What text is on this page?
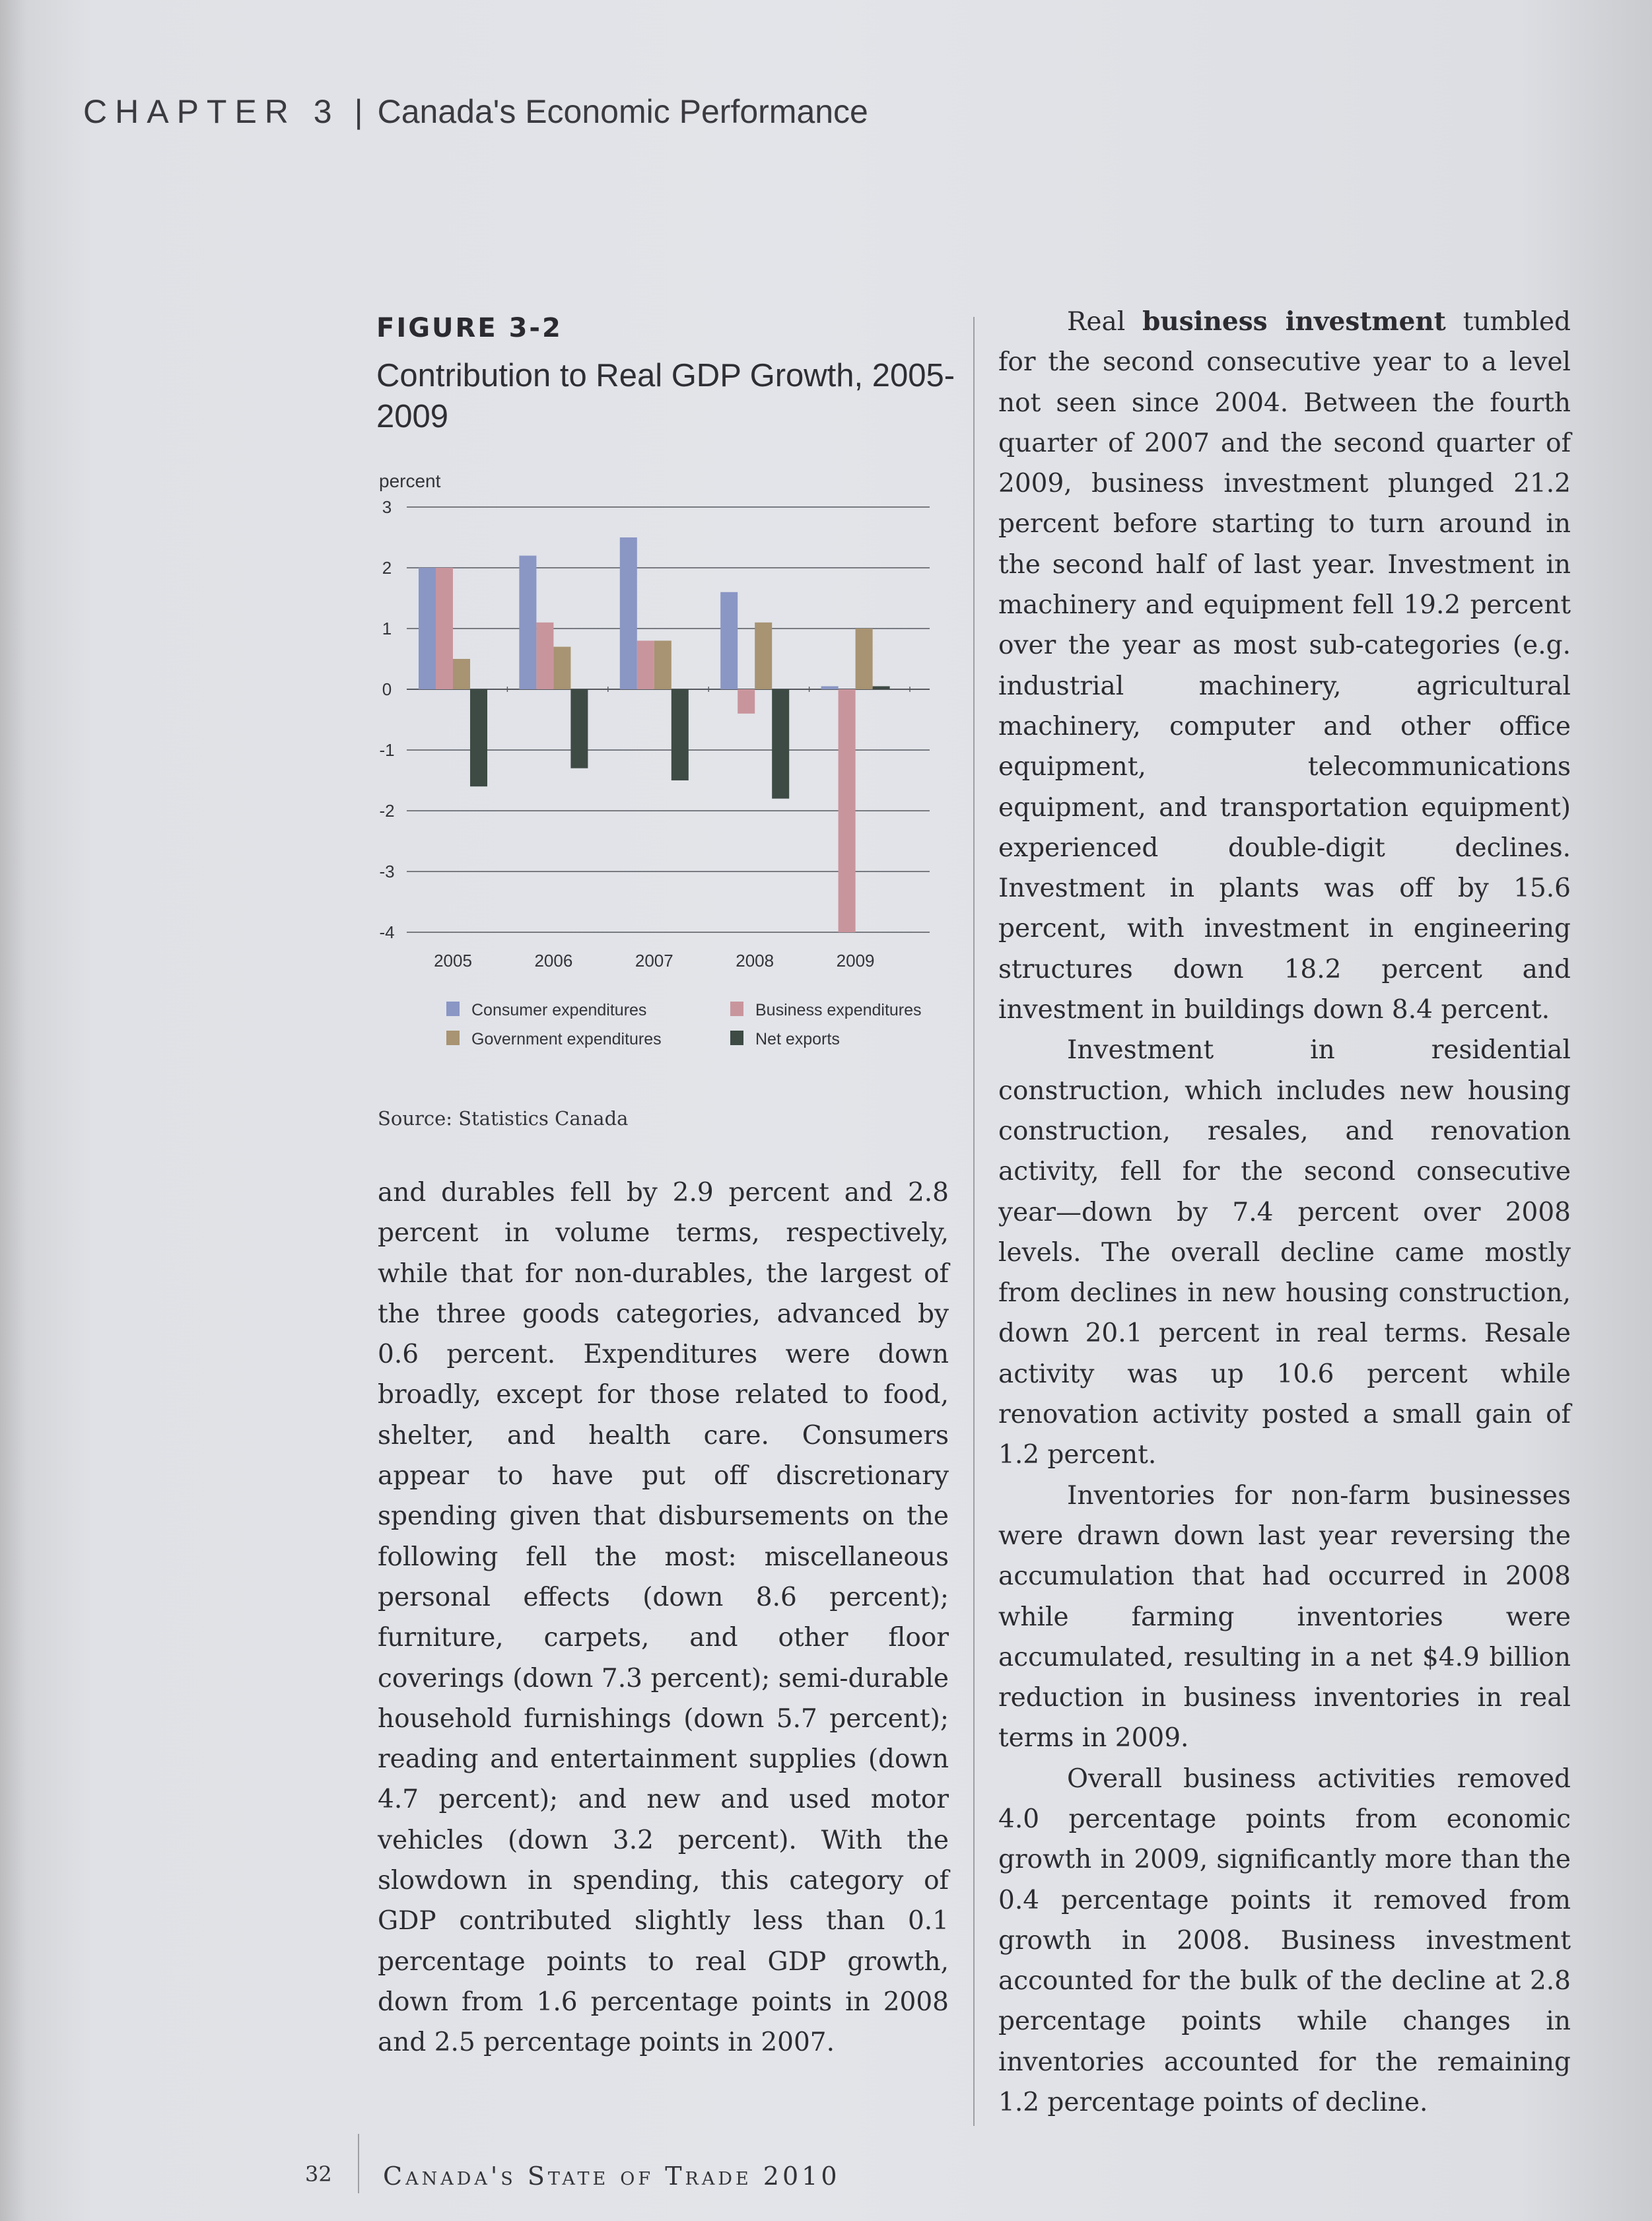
CHAPTER 3 | Canada's Economic Performance
FIGURE 3-2
Contribution to Real GDP Growth, 2005-2009
percent
3
2
1
0
-1
-2
-3
-4
2005	2006	2007	2008	2009
Consumer expenditures	Business expenditures
Government expenditures	Net exports
Source: Statistics Canada

and durables fell by 2.9 percent and 2.8 percent in volume terms, respectively, while that for non-durables, the largest of the three goods categories, advanced by 0.6 percent. Expenditures were down broadly, except for those related to food, shelter, and health care. Consumers appear to have put off discretionary spending given that disbursements on the following fell the most: miscellaneous personal effects (down 8.6 percent); furniture, carpets, and other floor coverings (down 7.3 percent); semi-durable household furnishings (down 5.7 percent); reading and entertainment supplies (down 4.7 percent); and new and used motor vehicles (down 3.2 percent). With the slowdown in spending, this category of GDP contributed slightly less than 0.1 percentage points to real GDP growth, down from 1.6 percentage points in 2008 and 2.5 percentage points in 2007.

Real business investment tumbled for the second consecutive year to a level not seen since 2004. Between the fourth quarter of 2007 and the second quarter of 2009, business investment plunged 21.2 percent before starting to turn around in the second half of last year. Investment in machinery and equipment fell 19.2 percent over the year as most sub-categories (e.g. industrial machinery, agricultural machinery, computer and other office equipment, telecommunications equipment, and transportation equipment) experienced double-digit declines. Investment in plants was off by 15.6 percent, with investment in engineering structures down 18.2 percent and investment in buildings down 8.4 percent.

Investment in residential construction, which includes new housing construction, resales, and renovation activity, fell for the second consecutive year—down by 7.4 percent over 2008 levels. The overall decline came mostly from declines in new housing construction, down 20.1 percent in real terms. Resale activity was up 10.6 percent while renovation activity posted a small gain of 1.2 percent.

Inventories for non-farm businesses were drawn down last year reversing the accumulation that had occurred in 2008 while farming inventories were accumulated, resulting in a net $4.9 billion reduction in business inventories in real terms in 2009.

Overall business activities removed 4.0 percentage points from economic growth in 2009, significantly more than the 0.4 percentage points it removed from growth in 2008. Business investment accounted for the bulk of the decline at 2.8 percentage points while changes in inventories accounted for the remaining 1.2 percentage points of decline.

32 Canada's State of Trade 2010
